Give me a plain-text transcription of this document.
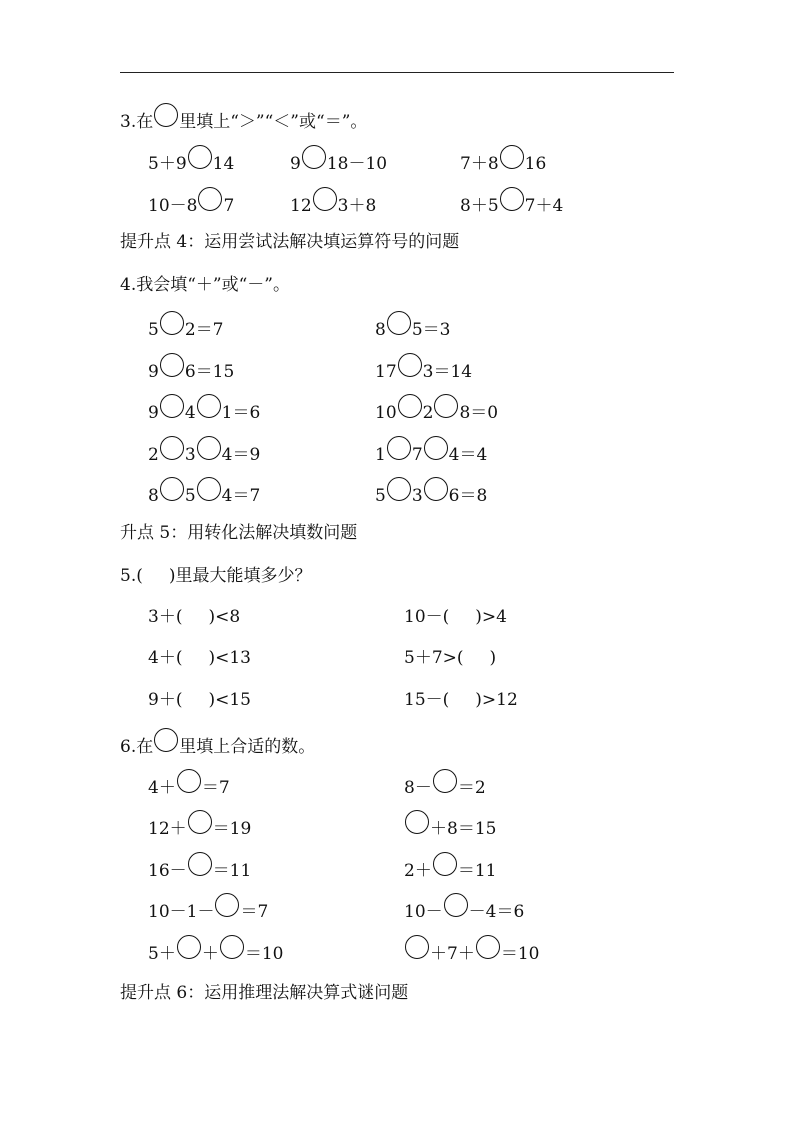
3.在 里填上“＞”“＜”或“＝”。
5＋9 14	9 18－10	7＋8 16
10－8 7	12 3＋8	8＋5 7＋4
提升点 4：运用尝试法解决填运算符号的问题
4.我会填“＋”或“－”。
5 2＝7	8 5＝3
9 6＝15	17 3＝14
9 4 1＝6	10 2 8＝0
2 3 4＝9	1 7 4＝4
8 5 4＝7	5 3 6＝8
升点 5：用转化法解决填数问题
5.( )里最大能填多少？
3＋( )<8	10－( )>4
4＋( )<13	5＋7>( )
9＋( )<15	15－( )>12
6.在 里填上合适的数。
4＋ ＝7	8－ ＝2
12＋ ＝19	＋8＝15
16－ ＝11	2＋ ＝11
10－1－ ＝7	10－ －4＝6
5＋ ＋ ＝10	＋7＋ ＝10
提升点 6：运用推理法解决算式谜问题
